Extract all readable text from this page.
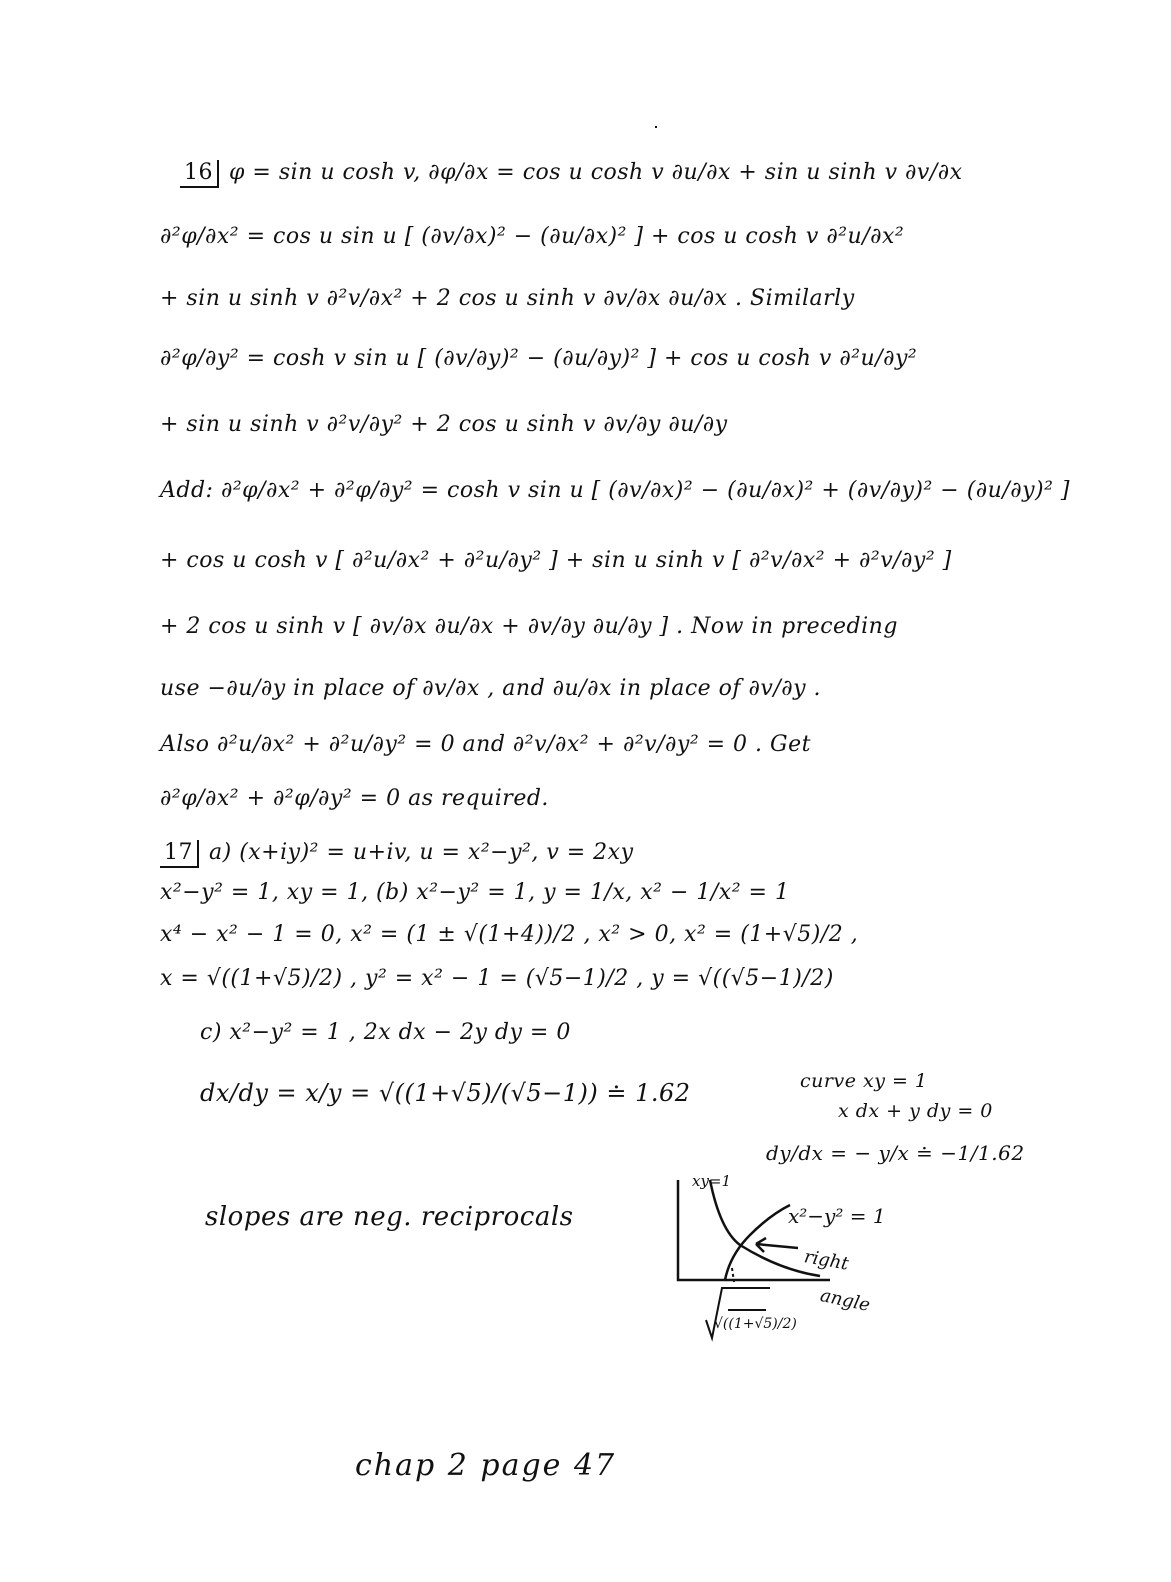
16 φ = sin u cosh v, ∂φ/∂x = cos u cosh v ∂u/∂x + sin u sinh v ∂v/∂x
∂²φ/∂x² = cos u sin u [ (∂v/∂x)² − (∂u/∂x)² ] + cos u cosh v ∂²u/∂x²
+ sin u sinh v ∂²v/∂x² + 2 cos u sinh v ∂v/∂x ∂u/∂x . Similarly
∂²φ/∂y² = cosh v sin u [ (∂v/∂y)² − (∂u/∂y)² ] + cos u cosh v ∂²u/∂y²
+ sin u sinh v ∂²v/∂y² + 2 cos u sinh v ∂v/∂y ∂u/∂y
Add: ∂²φ/∂x² + ∂²φ/∂y² = cosh v sin u [ (∂v/∂x)² − (∂u/∂x)² + (∂v/∂y)² − (∂u/∂y)² ]
+ cos u cosh v [ ∂²u/∂x² + ∂²u/∂y² ] + sin u sinh v [ ∂²v/∂x² + ∂²v/∂y² ]
+ 2 cos u sinh v [ ∂v/∂x ∂u/∂x + ∂v/∂y ∂u/∂y ] . Now in preceding
use −∂u/∂y in place of ∂v/∂x , and ∂u/∂x in place of ∂v/∂y .
Also ∂²u/∂x² + ∂²u/∂y² = 0 and ∂²v/∂x² + ∂²v/∂y² = 0 . Get
∂²φ/∂x² + ∂²φ/∂y² = 0 as required.
17 a) (x+iy)² = u+iv, u = x²−y², v = 2xy
x²−y² = 1, xy = 1, (b) x²−y² = 1, y = 1/x, x² − 1/x² = 1
x⁴ − x² − 1 = 0, x² = (1 ± √(1+4))/2 , x² > 0, x² = (1+√5)/2 ,
x = √((1+√5)/2) , y² = x² − 1 = (√5−1)/2 , y = √((√5−1)/2)
c) x²−y² = 1 , 2x dx − 2y dy = 0
dx/dy = x/y = √((1+√5)/(√5−1)) ≐ 1.62	curve xy = 1
x dx + y dy = 0
dy/dx = − y/x ≐ −1/1.62
slopes are neg. reciprocals
xy=1
x²−y² = 1
right
angle
√((1+√5)/2)
chap 2 page 47
